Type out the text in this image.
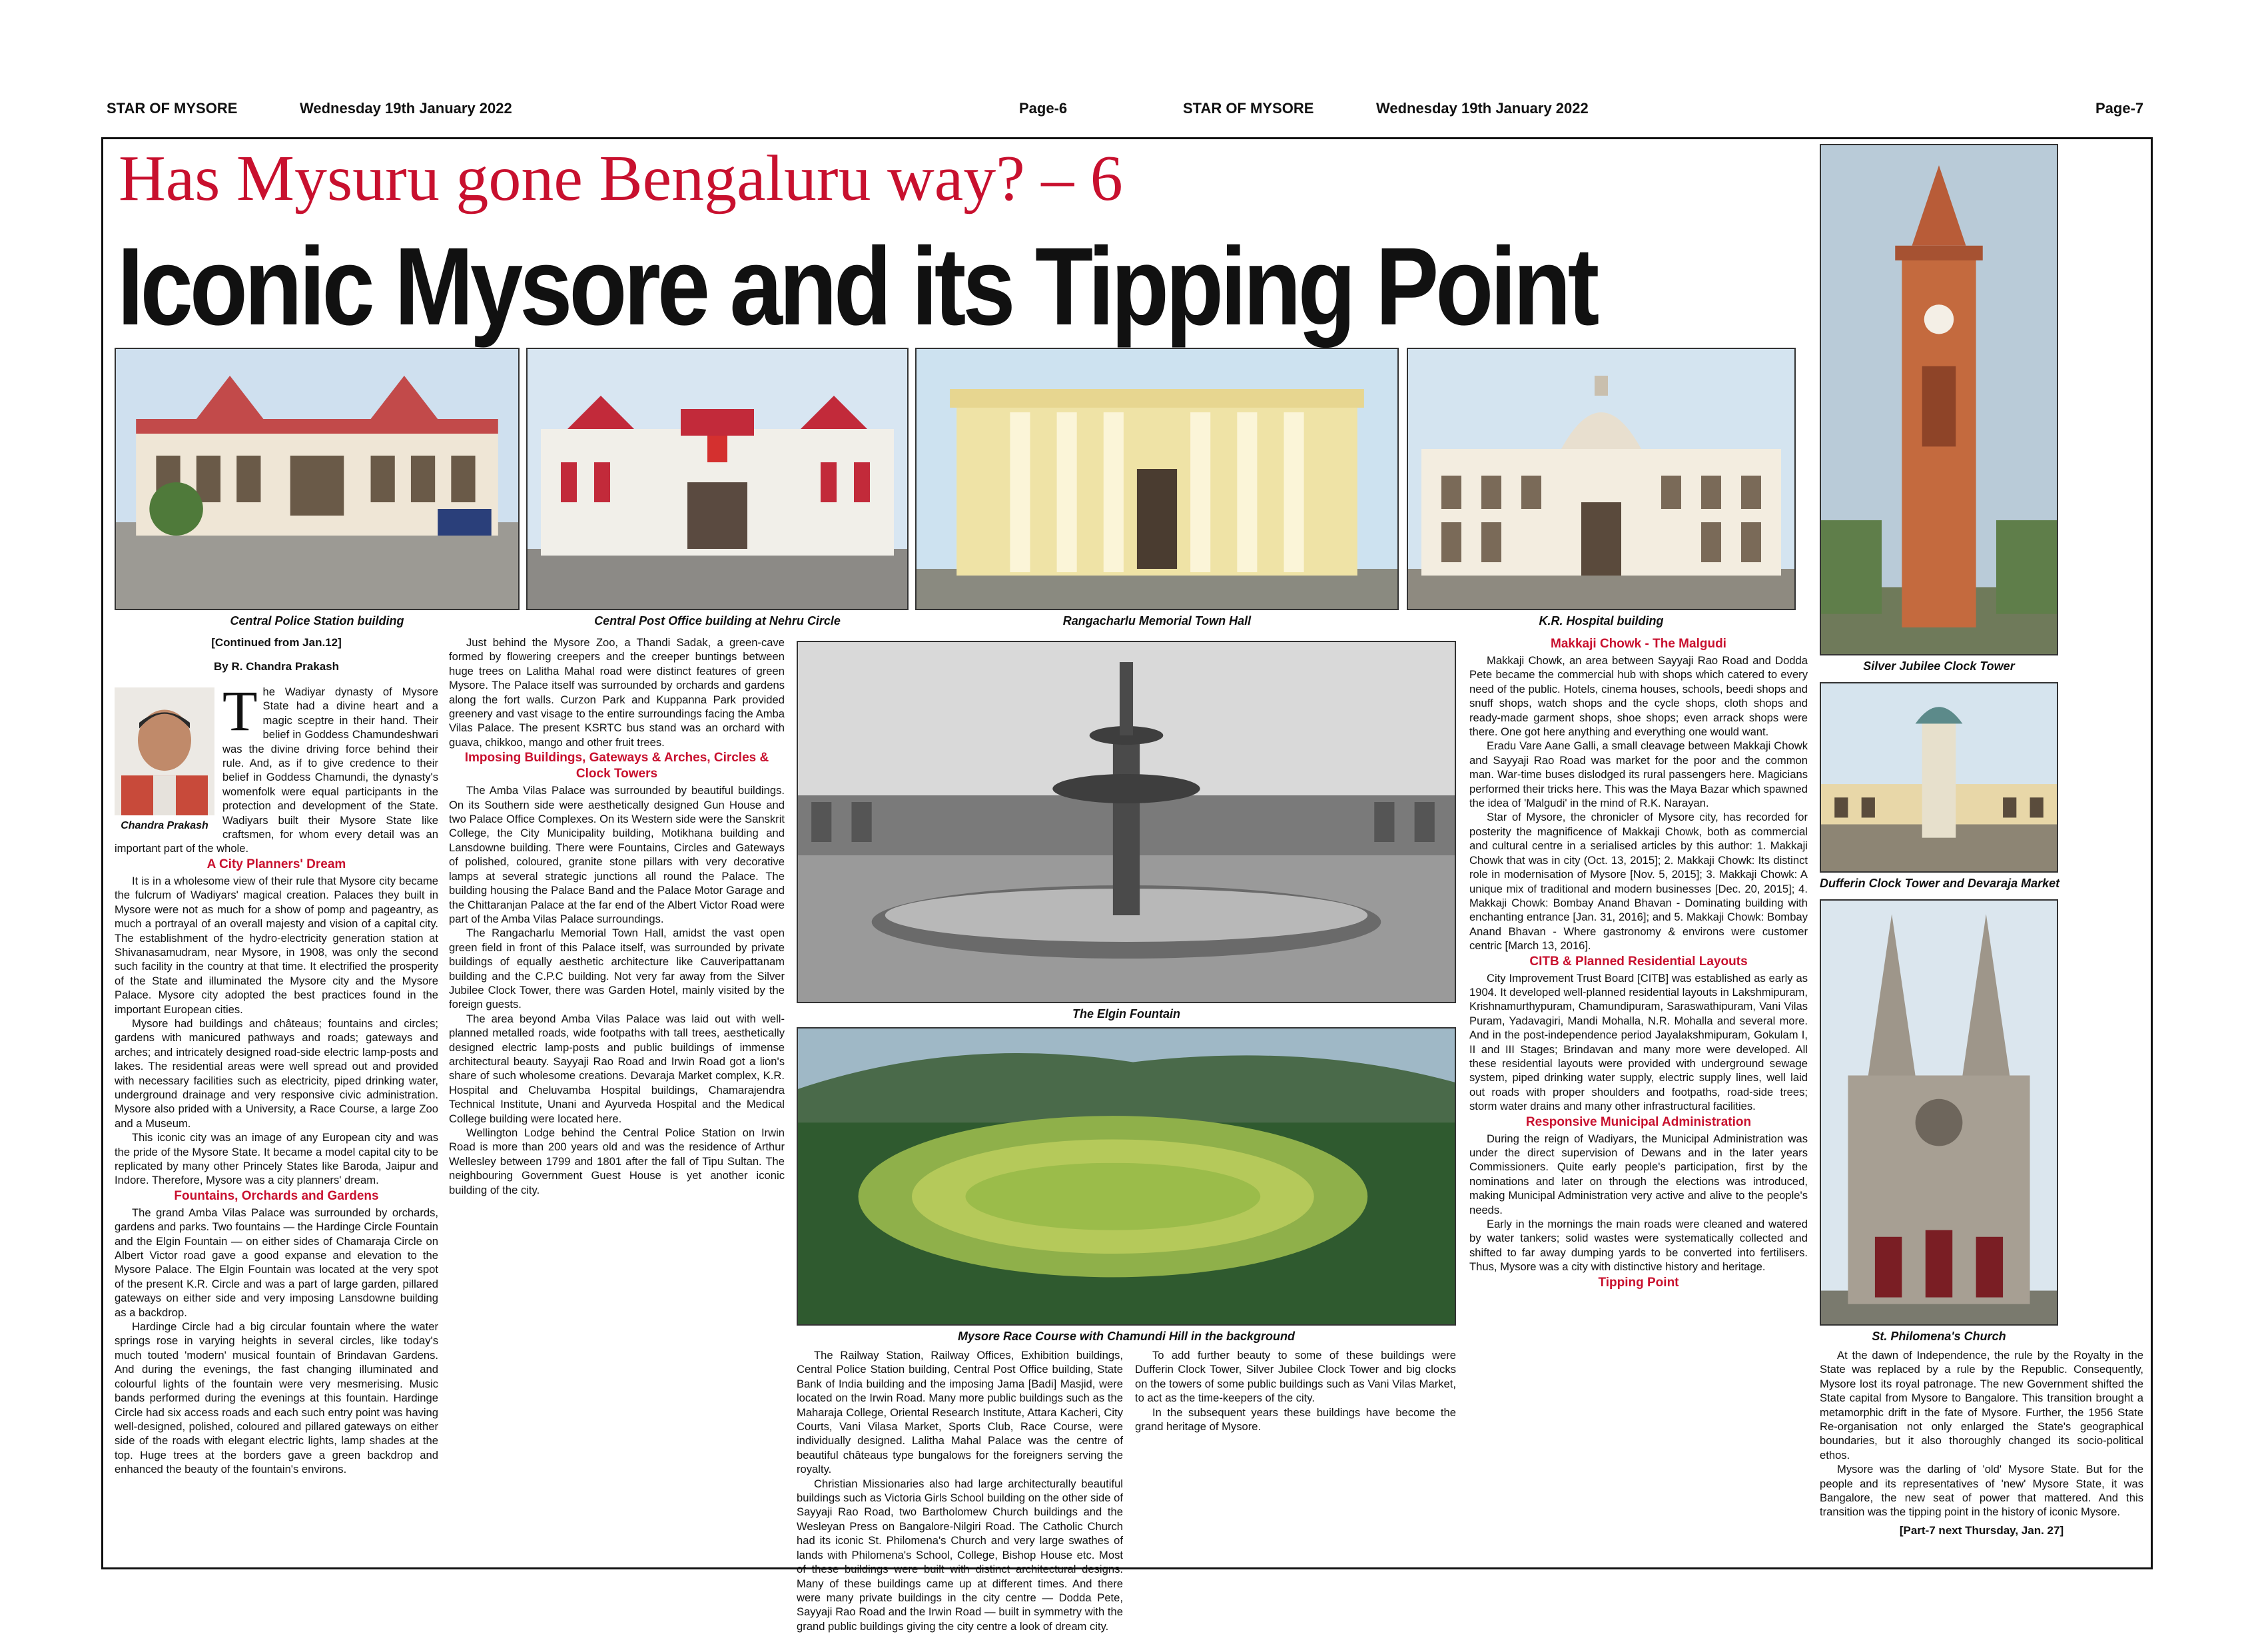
STAR OF MYSORE	Wednesday 19th January 2022	Page-6	STAR OF MYSORE	Wednesday 19th January 2022	Page-7
Has Mysuru gone Bengaluru way? – 6
Iconic Mysore and its Tipping Point
Central Police Station building	Central Post Office building at Nehru Circle	Rangacharlu Memorial Town Hall	K.R. Hospital building
Silver Jubilee Clock Tower
Dufferin Clock Tower and Devaraja Market
St. Philomena's Church
The Elgin Fountain
Mysore Race Course with Chamundi Hill in the background
[Continued from Jan.12]
By R. Chandra Prakash
Chandra Prakash

The Wadiyar dynasty of Mysore State had a divine heart and a magic sceptre in their hand. Their belief in Goddess Chamundeshwari was the divine driving force behind their rule. And, as if to give credence to their belief in Goddess Chamundi, the dynasty's womenfolk were equal participants in the protection and development of the State. Wadiyars built their Mysore State like craftsmen, for whom every detail was an important part of the whole.

A City Planners' Dream

It is in a wholesome view of their rule that Mysore city became the fulcrum of Wadiyars' magical creation. Palaces they built in Mysore were not as much for a show of pomp and pageantry, as much a portrayal of an overall majesty and vision of a capital city. The establishment of the hydro-electricity generation station at Shivanasamudram, near Mysore, in 1908, was only the second such facility in the country at that time. It electrified the prosperity of the State and illuminated the Mysore city and the Mysore Palace. Mysore city adopted the best practices found in the important European cities.

Mysore had buildings and châteaus; fountains and circles; gardens with manicured pathways and roads; gateways and arches; and intricately designed road-side electric lamp-posts and lakes. The residential areas were well spread out and provided with necessary facilities such as electricity, piped drinking water, underground drainage and very responsive civic administration. Mysore also prided with a University, a Race Course, a large Zoo and a Museum.

This iconic city was an image of any European city and was the pride of the Mysore State. It became a model capital city to be replicated by many other Princely States like Baroda, Jaipur and Indore. Therefore, Mysore was a city planners' dream.

Fountains, Orchards and Gardens

The grand Amba Vilas Palace was surrounded by orchards, gardens and parks. Two fountains — the Hardinge Circle Fountain and the Elgin Fountain — on either sides of Chamaraja Circle on Albert Victor road gave a good expanse and elevation to the Mysore Palace. The Elgin Fountain was located at the very spot of the present K.R. Circle and was a part of large garden, pillared gateways on either side and very imposing Lansdowne building as a backdrop.

Hardinge Circle had a big circular fountain where the water springs rose in varying heights in several circles, like today's much touted 'modern' musical fountain of Brindavan Gardens. And during the evenings, the fast changing illuminated and colourful lights of the fountain were very mesmerising. Music bands performed during the evenings at this fountain. Hardinge Circle had six access roads and each such entry point was having well-designed, polished, coloured and pillared gateways on either side of the roads with elegant electric lights, lamp shades at the top. Huge trees at the borders gave a green backdrop and enhanced the beauty of the fountain's environs.

Just behind the Mysore Zoo, a Thandi Sadak, a green-cave formed by flowering creepers and the creeper buntings between huge trees on Lalitha Mahal road were distinct features of green Mysore. The Palace itself was surrounded by orchards and gardens along the fort walls. Curzon Park and Kuppanna Park provided greenery and vast visage to the entire surroundings facing the Amba Vilas Palace. The present KSRTC bus stand was an orchard with guava, chikkoo, mango and other fruit trees.

Imposing Buildings, Gateways & Arches, Circles & Clock Towers

The Amba Vilas Palace was surrounded by beautiful buildings. On its Southern side were aesthetically designed Gun House and two Palace Office Complexes. On its Western side were the Sanskrit College, the City Municipality building, Motikhana building and Lansdowne building. There were Fountains, Circles and Gateways of polished, coloured, granite stone pillars with very decorative lamps at several strategic junctions all round the Palace. The building housing the Palace Band and the Palace Motor Garage and the Chittaranjan Palace at the far end of the Albert Victor Road were part of the Amba Vilas Palace surroundings.

The Rangacharlu Memorial Town Hall, amidst the vast open green field in front of this Palace itself, was surrounded by private buildings of equally aesthetic architecture like Cauveripattanam building and the C.P.C building. Not very far away from the Silver Jubilee Clock Tower, there was Garden Hotel, mainly visited by the foreign guests.

The area beyond Amba Vilas Palace was laid out with well-planned metalled roads, wide footpaths with tall trees, aesthetically designed electric lamp-posts and public buildings of immense architectural beauty. Sayyaji Rao Road and Irwin Road got a lion's share of such wholesome creations. Devaraja Market complex, K.R. Hospital and Cheluvamba Hospital buildings, Chamarajendra Technical Institute, Unani and Ayurveda Hospital and the Medical College building were located here.

Wellington Lodge behind the Central Police Station on Irwin Road is more than 200 years old and was the residence of Arthur Wellesley between 1799 and 1801 after the fall of Tipu Sultan. The neighbouring Government Guest House is yet another iconic building of the city.

The Railway Station, Railway Offices, Exhibition buildings, Central Police Station building, Central Post Office building, State Bank of India building and the imposing Jama [Badi] Masjid, were located on the Irwin Road. Many more public buildings such as the Maharaja College, Oriental Research Institute, Attara Kacheri, City Courts, Vani Vilasa Market, Sports Club, Race Course, were individually designed. Lalitha Mahal Palace was the centre of beautiful châteaus type bungalows for the foreigners serving the royalty.

Christian Missionaries also had large architecturally beautiful buildings such as Victoria Girls School building on the other side of Sayyaji Rao Road, two Bartholomew Church buildings and the Wesleyan Press on Bangalore-Nilgiri Road. The Catholic Church had its iconic St. Philomena's Church and very large swathes of lands with Philomena's School, College, Bishop House etc. Most of these buildings were built with distinct architectural designs. Many of these buildings came up at different times. And there were many private buildings in the city centre — Dodda Pete, Sayyaji Rao Road and the Irwin Road — built in symmetry with the grand public buildings giving the city centre a look of dream city.

To add further beauty to some of these buildings were Dufferin Clock Tower, Silver Jubilee Clock Tower and big clocks on the towers of some public buildings such as Vani Vilas Market, to act as the time-keepers of the city.

In the subsequent years these buildings have become the grand heritage of Mysore.

Makkaji Chowk - The Malgudi

Makkaji Chowk, an area between Sayyaji Rao Road and Dodda Pete became the commercial hub with shops which catered to every need of the public. Hotels, cinema houses, schools, beedi shops and snuff shops, watch shops and the cycle shops, cloth shops and ready-made garment shops, shoe shops; even arrack shops were there. One got here anything and everything one would want.

Eradu Vare Aane Galli, a small cleavage between Makkaji Chowk and Sayyaji Rao Road was market for the poor and the common man. War-time buses dislodged its rural passengers here. Magicians performed their tricks here. This was the Maya Bazar which spawned the idea of 'Malgudi' in the mind of R.K. Narayan.

Star of Mysore, the chronicler of Mysore city, has recorded for posterity the magnificence of Makkaji Chowk, both as commercial and cultural centre in a serialised articles by this author: 1. Makkaji Chowk that was in city (Oct. 13, 2015]; 2. Makkaji Chowk: Its distinct role in modernisation of Mysore [Nov. 5, 2015]; 3. Makkaji Chowk: A unique mix of traditional and modern businesses [Dec. 20, 2015]; 4. Makkaji Chowk: Bombay Anand Bhavan - Dominating building with enchanting entrance [Jan. 31, 2016]; and 5. Makkaji Chowk: Bombay Anand Bhavan - Where gastronomy & environs were customer centric [March 13, 2016].

CITB & Planned Residential Layouts

City Improvement Trust Board [CITB] was established as early as 1904. It developed well-planned residential layouts in Lakshmipuram, Krishnamurthypuram, Chamundipuram, Saraswathipuram, Vani Vilas Puram, Yadavagiri, Mandi Mohalla, N.R. Mohalla and several more. And in the post-independence period Jayalakshmipuram, Gokulam I, II and III Stages; Brindavan and many more were developed. All these residential layouts were provided with underground sewage system, piped drinking water supply, electric supply lines, well laid out roads with proper shoulders and footpaths, road-side trees; storm water drains and many other infrastructural facilities.

Responsive Municipal Administration

During the reign of Wadiyars, the Municipal Administration was under the direct supervision of Dewans and in the later years Commissioners. Quite early people's participation, first by the nominations and later on through the elections was introduced, making Municipal Administration very active and alive to the people's needs.

Early in the mornings the main roads were cleaned and watered by water tankers; solid wastes were systematically collected and shifted to far away dumping yards to be converted into fertilisers. Thus, Mysore was a city with distinctive history and heritage.

Tipping Point

At the dawn of Independence, the rule by the Royalty in the State was replaced by a rule by the Republic. Consequently, Mysore lost its royal patronage. The new Government shifted the State capital from Mysore to Bangalore. This transition brought a metamorphic drift in the fate of Mysore. Further, the 1956 State Re-organisation not only enlarged the State's geographical boundaries, but it also thoroughly changed its socio-political ethos.

Mysore was the darling of 'old' Mysore State. But for the people and its representatives of 'new' Mysore State, it was Bangalore, the new seat of power that mattered. And this transition was the tipping point in the history of iconic Mysore.

[Part-7 next Thursday, Jan. 27]
